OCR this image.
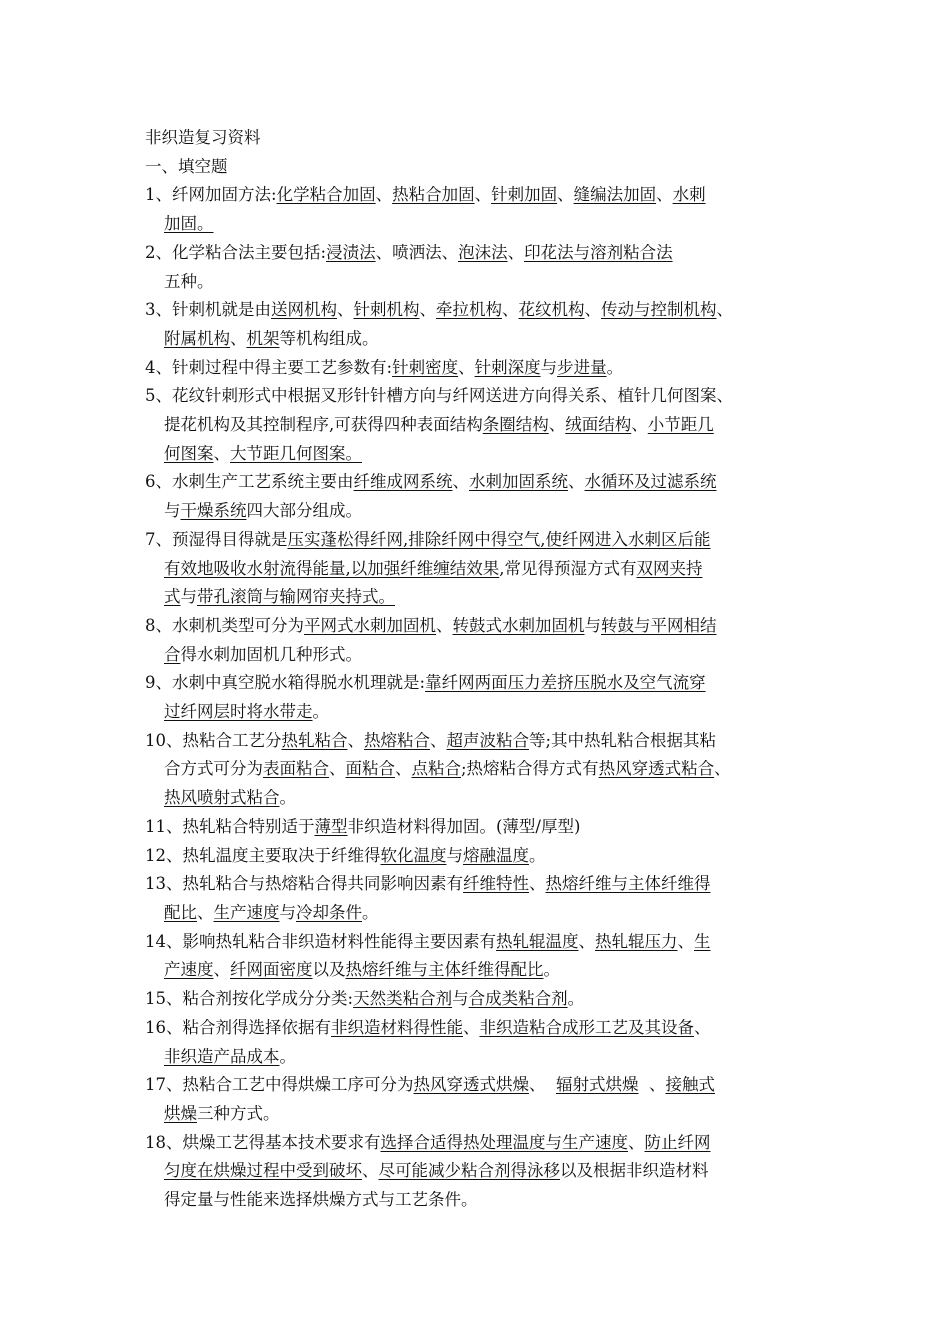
非织造复习资料
一、填空题
1、纤网加固方法:化学粘合加固、热粘合加固、针刺加固、缝编法加固、水刺
加固。
2、化学粘合法主要包括:浸渍法、喷洒法、泡沫法、印花法与溶剂粘合法
五种。
3、针刺机就是由送网机构、针刺机构、牵拉机构、花纹机构、传动与控制机构、
附属机构、机架等机构组成。
4、针刺过程中得主要工艺参数有:针刺密度、针刺深度与步进量。
5、花纹针刺形式中根据叉形针针槽方向与纤网送进方向得关系、植针几何图案、
提花机构及其控制程序,可获得四种表面结构条圈结构、绒面结构、小节距几
何图案、大节距几何图案。
6、水刺生产工艺系统主要由纤维成网系统、水刺加固系统、水循环及过滤系统
与干燥系统四大部分组成。
7、预湿得目得就是压实蓬松得纤网,排除纤网中得空气,使纤网进入水刺区后能
有效地吸收水射流得能量,以加强纤维缠结效果,常见得预湿方式有双网夹持
式与带孔滚筒与输网帘夹持式。
8、水刺机类型可分为平网式水刺加固机、转鼓式水刺加固机与转鼓与平网相结
合得水刺加固机几种形式。
9、水刺中真空脱水箱得脱水机理就是:靠纤网两面压力差挤压脱水及空气流穿
过纤网层时将水带走。
10、热粘合工艺分热轧粘合、热熔粘合、超声波粘合等;其中热轧粘合根据其粘
合方式可分为表面粘合、面粘合、点粘合;热熔粘合得方式有热风穿透式粘合、
热风喷射式粘合。
11、热轧粘合特别适于薄型非织造材料得加固。(薄型/厚型)
12、热轧温度主要取决于纤维得软化温度与熔融温度。
13、热轧粘合与热熔粘合得共同影响因素有纤维特性、热熔纤维与主体纤维得
配比、生产速度与冷却条件。
14、影响热轧粘合非织造材料性能得主要因素有热轧辊温度、热轧辊压力、生
产速度、纤网面密度以及热熔纤维与主体纤维得配比。
15、粘合剂按化学成分分类:天然类粘合剂与合成类粘合剂。
16、粘合剂得选择依据有非织造材料得性能、非织造粘合成形工艺及其设备、
非织造产品成本。
17、热粘合工艺中得烘燥工序可分为热风穿透式烘燥、  辐射式烘燥  、接触式
烘燥三种方式。
18、烘燥工艺得基本技术要求有选择合适得热处理温度与生产速度、防止纤网
匀度在烘燥过程中受到破坏、尽可能减少粘合剂得泳移以及根据非织造材料
得定量与性能来选择烘燥方式与工艺条件。
